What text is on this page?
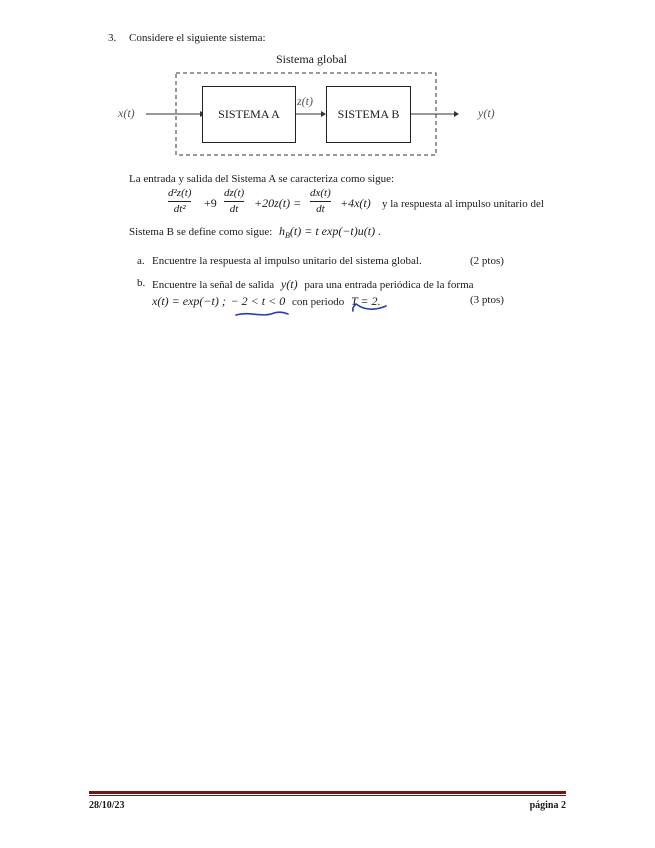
3. Considere el siguiente sistema:
Sistema global
x(t)	SISTEMA A
z(t)
SISTEMA B	y(t)
La entrada y salida del Sistema A se caracteriza como sigue:
d²z(t)
dt² +9
dz(t)
dt +20z(t) =
dx(t)
dt +4x(t) y la respuesta al impulso unitario del
Sistema B se define como sigue: $h_B(t) = t$ exp(−t)u(t) .
a. Encuentre la respuesta al impulso unitario del sistema global.	(2 ptos)
b. Encuentre la señal de salida y(t) para una entrada periódica de la forma
x(t) = exp(−t) ; − 2 < t < 0 con periodo T = 2.	(3 ptos)
28/10/23	página 2
